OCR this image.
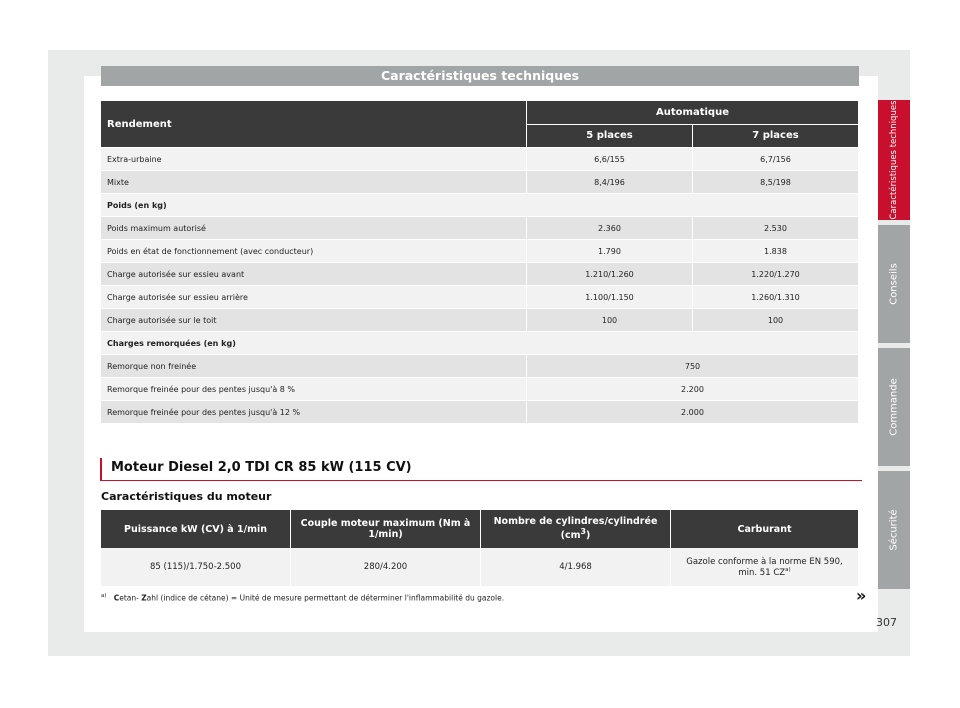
Caractéristiques techniques
Rendement	Automatique	
	5 places	7 places
Extra-urbaine	6,6/155	6,7/156
Mixte	8,4/196	8,5/198
Poids (en kg)		
Poids maximum autorisé	2.360	2.530
Poids en état de fonctionnement (avec conducteur)	1.790	1.838
Charge autorisée sur essieu avant	1.210/1.260	1.220/1.270
Charge autorisée sur essieu arrière	1.100/1.150	1.260/1.310
Charge autorisée sur le toit	100	100
Charges remorquées (en kg)		
Remorque non freinée	750	
Remorque freinée pour des pentes jusqu'à 8 %	2.200	
Remorque freinée pour des pentes jusqu'à 12 %	2.000	
Moteur Diesel 2,0 TDI CR 85 kW (115 CV)
Caractéristiques du moteur
Puissance kW (CV) à 1/min	Couple moteur maximum (Nm à 1/min)	Nombre de cylindres/cylindrée $(cm^3)$	Carburant
85 (115)/1.750-2.500	280/4.200	4/1.968	Gazole conforme à la norme EN 590, min. 51 CZ$^{a)}$
$^{a)}$ Cetan- Zahl (indice de cétane) = Unité de mesure permettant de déterminer l'inflammabilité du gazole.	»
307
Caractéristiques techniques
Conseils
Commande
Sécurité
